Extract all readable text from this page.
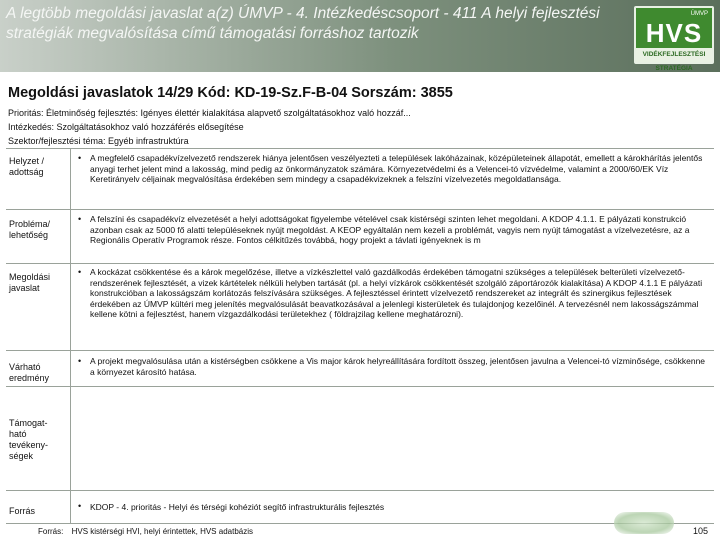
A legtöbb megoldási javaslat a(z) ÚMVP - 4. Intézkedéscsoport - 411 A helyi fejlesztési stratégiák megvalósítása című támogatási forráshoz tartozik
ÚMVP
HVS
VIDÉKFEJLESZTÉSI STRATÉGIA
Megoldási javaslatok 14/29 Kód: KD-19-Sz.F-B-04 Sorszám: 3855
Prioritás: Életminőség fejlesztés: Igényes élettér kialakítása alapvető szolgáltatásokhoz való hozzáf...
Intézkedés: Szolgáltatásokhoz való hozzáférés elősegítése
Szektor/fejlesztési téma: Egyéb infrastruktúra
Helyzet / adottság
• A megfelelő csapadékvízelvezető rendszerek hiánya jelentősen veszélyezteti a települések lakóházainak, középületeinek állapotát, emellett a károkhárítás jelentős anyagi terhet jelent mind a lakosság, mind pedig az önkormányzatok számára. Környezetvédelmi és a Velencei-tó vízvédelme, valamint a 2000/60/EK Víz Keretirányelv céljainak megvalósítása érdekében sem mindegy a csapadékvizeknek a felszíni vízelvezetés megoldatlansága.
Probléma/ lehetőség
• A felszíni és csapadékvíz elvezetését a helyi adottságokat figyelembe vételével csak kistérségi szinten lehet megoldani. A KDOP 4.1.1. E pályázati konstrukció azonban csak az 5000 fő alatti településeknek nyújt megoldást. A KEOP egyáltalán nem kezeli a problémát, vagyis nem nyújt támogatást a vízelvezetésre, az a Regionális Operatív Programok része. Fontos célkitűzés továbbá, hogy projekt a távlati igényeknek is m
Megoldási javaslat
• A kockázat csökkentése és a károk megelőzése, illetve a vízkészlettel való gazdálkodás érdekében támogatni szükséges a települések belterületi vízelvezető-rendszerének fejlesztését, a vizek kártételek nélküli helyben tartását (pl. a helyi vízkárok csökkentését szolgáló záportározók kialakítása) A KDOP 4.1.1 E pályázati konstrukcióban a lakosságszám korlátozás felszívására szükséges. A fejlesztéssel érintett vízelvezető rendszereket az integrált és szinergikus fejlesztések érdekében az ÚMVP kültéri meg jelenítés megvalósulását beavatkozásával a jelenlegi kisterületek és tulajdonjog kezelőinél. A tervezésnél nem lakosságszámmal kellene kötni a fejlesztést, hanem vízgazdálkodási területekhez ( földrajzilag kellene meghatározni).
Várható eredmény
• A projekt megvalósulása után a kistérségben csökkene a Vis major károk helyreállítására fordított összeg, jelentősen javulna a Velencei-tó vízminősége, csökkenne a környezet károsító hatása.
Támogat-ható tevékeny-ségek
Forrás	• KDOP - 4. prioritás - Helyi és térségi kohéziót segítő infrastrukturális fejlesztés
Forrás: HVS kistérségi HVI, helyi érintettek, HVS adatbázis	105
